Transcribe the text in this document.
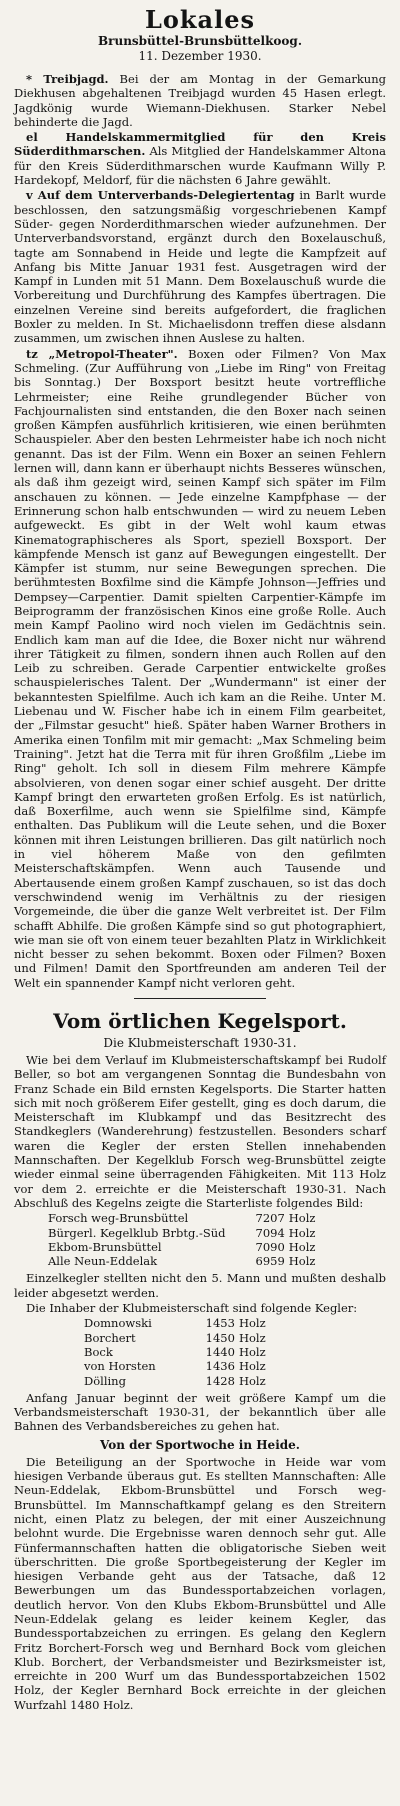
Lokales
Brunsbüttel-Brunsbüttelkoog.
11. Dezember 1930.

* Treibjagd. Bei der am Montag in der Gemarkung Diekhusen abgehaltenen Treibjagd wurden 45 Hasen erlegt. Jagdkönig wurde Wiemann-Diekhusen. Starker Nebel behinderte die Jagd.

el Handelskammermitglied für den Kreis Süderdithmarschen. Als Mitglied der Handelskammer Altona für den Kreis Süderdithmarschen wurde Kaufmann Willy P. Hardekopf, Meldorf, für die nächsten 6 Jahre gewählt.

v Auf dem Unterverbands-Delegiertentag in Barlt wurde beschlossen, den satzungsmäßig vorgeschriebenen Kampf Süder- gegen Norderdithmarschen wieder aufzunehmen. Der Unterverbandsvorstand, ergänzt durch den Boxelauschuß, tagte am Sonnabend in Heide und legte die Kampfzeit auf Anfang bis Mitte Januar 1931 fest. Ausgetragen wird der Kampf in Lunden mit 51 Mann. Dem Boxelauschuß wurde die Vorbereitung und Durchführung des Kampfes übertragen. Die einzelnen Vereine sind bereits aufgefordert, die fraglichen Boxler zu melden. In St. Michaelisdonn treffen diese alsdann zusammen, um zwischen ihnen Auslese zu halten.

tz „Metropol-Theater". Boxen oder Filmen? Von Max Schmeling. (Zur Aufführung von „Liebe im Ring" von Freitag bis Sonntag.) Der Boxsport besitzt heute vortreffliche Lehrmeister; eine Reihe grundlegender Bücher von Fachjournalisten sind entstanden, die den Boxer nach seinen großen Kämpfen ausführlich kritisieren, wie einen berühmten Schauspieler. Aber den besten Lehrmeister habe ich noch nicht genannt. Das ist der Film. Wenn ein Boxer an seinen Fehlern lernen will, dann kann er überhaupt nichts Besseres wünschen, als daß ihm gezeigt wird, seinen Kampf sich später im Film anschauen zu können. — Jede einzelne Kampfphase — der Erinnerung schon halb entschwunden — wird zu neuem Leben aufgeweckt. Es gibt in der Welt wohl kaum etwas Kinematographischeres als Sport, speziell Boxsport. Der kämpfende Mensch ist ganz auf Bewegungen eingestellt. Der Kämpfer ist stumm, nur seine Bewegungen sprechen. Die berühmtesten Boxfilme sind die Kämpfe Johnson—Jeffries und Dempsey—Carpentier. Damit spielten Carpentier-Kämpfe im Beiprogramm der französischen Kinos eine große Rolle. Auch mein Kampf Paolino wird noch vielen im Gedächtnis sein. Endlich kam man auf die Idee, die Boxer nicht nur während ihrer Tätigkeit zu filmen, sondern ihnen auch Rollen auf den Leib zu schreiben. Gerade Carpentier entwickelte großes schauspielerisches Talent. Der „Wundermann" ist einer der bekanntesten Spielfilme. Auch ich kam an die Reihe. Unter M. Liebenau und W. Fischer habe ich in einem Film gearbeitet, der „Filmstar gesucht" hieß. Später haben Warner Brothers in Amerika einen Tonfilm mit mir gemacht: „Max Schmeling beim Training". Jetzt hat die Terra mit für ihren Großfilm „Liebe im Ring" geholt. Ich soll in diesem Film mehrere Kämpfe absolvieren, von denen sogar einer schief ausgeht. Der dritte Kampf bringt den erwarteten großen Erfolg. Es ist natürlich, daß Boxerfilme, auch wenn sie Spielfilme sind, Kämpfe enthalten. Das Publikum will die Leute sehen, und die Boxer können mit ihren Leistungen brillieren. Das gilt natürlich noch in viel höherem Maße von den gefilmten Meisterschaftskämpfen. Wenn auch Tausende und Abertausende einem großen Kampf zuschauen, so ist das doch verschwindend wenig im Verhältnis zu der riesigen Vorgemeinde, die über die ganze Welt verbreitet ist. Der Film schafft Abhilfe. Die großen Kämpfe sind so gut photographiert, wie man sie oft von einem teuer bezahlten Platz in Wirklichkeit nicht besser zu sehen bekommt. Boxen oder Filmen? Boxen und Filmen! Damit den Sportfreunden am anderen Teil der Welt ein spannender Kampf nicht verloren geht.

Vom örtlichen Kegelsport.
Die Klubmeisterschaft 1930-31.

Wie bei dem Verlauf im Klubmeisterschaftskampf bei Rudolf Beller, so bot am vergangenen Sonntag die Bundesbahn von Franz Schade ein Bild ernsten Kegelsports. Die Starter hatten sich mit noch größerem Eifer gestellt, ging es doch darum, die Meisterschaft im Klubkampf und das Besitzrecht des Standkeglers (Wanderehrung) festzustellen. Besonders scharf waren die Kegler der ersten Stellen innehabenden Mannschaften. Der Kegelklub Forsch weg-Brunsbüttel zeigte wieder einmal seine überragenden Fähigkeiten. Mit 113 Holz vor dem 2. erreichte er die Meisterschaft 1930-31. Nach Abschluß des Kegelns zeigte die Starterliste folgendes Bild:

Forsch weg-Brunsbüttel	7207	Holz
Bürgerl. Kegelklub Brbtg.-Süd	7094	Holz
Ekbom-Brunsbüttel	7090	Holz
Alle Neun-Eddelak	6959	Holz

Einzelkegler stellten nicht den 5. Mann und mußten deshalb leider abgesetzt werden.

Die Inhaber der Klubmeisterschaft sind folgende Kegler:

Domnowski	1453	Holz
Borchert	1450	Holz
Bock	1440	Holz
von Horsten	1436	Holz
Dölling	1428	Holz

Anfang Januar beginnt der weit größere Kampf um die Verbandsmeisterschaft 1930-31, der bekanntlich über alle Bahnen des Verbandsbereiches zu gehen hat.

Von der Sportwoche in Heide.

Die Beteiligung an der Sportwoche in Heide war vom hiesigen Verbande überaus gut. Es stellten Mannschaften: Alle Neun-Eddelak, Ekbom-Brunsbüttel und Forsch weg-Brunsbüttel. Im Mannschaftkampf gelang es den Streitern nicht, einen Platz zu belegen, der mit einer Auszeichnung belohnt wurde. Die Ergebnisse waren dennoch sehr gut. Alle Fünfermannschaften hatten die obligatorische Sieben weit überschritten. Die große Sportbegeisterung der Kegler im hiesigen Verbande geht aus der Tatsache, daß 12 Bewerbungen um das Bundessportabzeichen vorlagen, deutlich hervor. Von den Klubs Ekbom-Brunsbüttel und Alle Neun-Eddelak gelang es leider keinem Kegler, das Bundessportabzeichen zu erringen. Es gelang den Keglern Fritz Borchert-Forsch weg und Bernhard Bock vom gleichen Klub. Borchert, der Verbandsmeister und Bezirksmeister ist, erreichte in 200 Wurf um das Bundessportabzeichen 1502 Holz, der Kegler Bernhard Bock erreichte in der gleichen Wurfzahl 1480 Holz.
